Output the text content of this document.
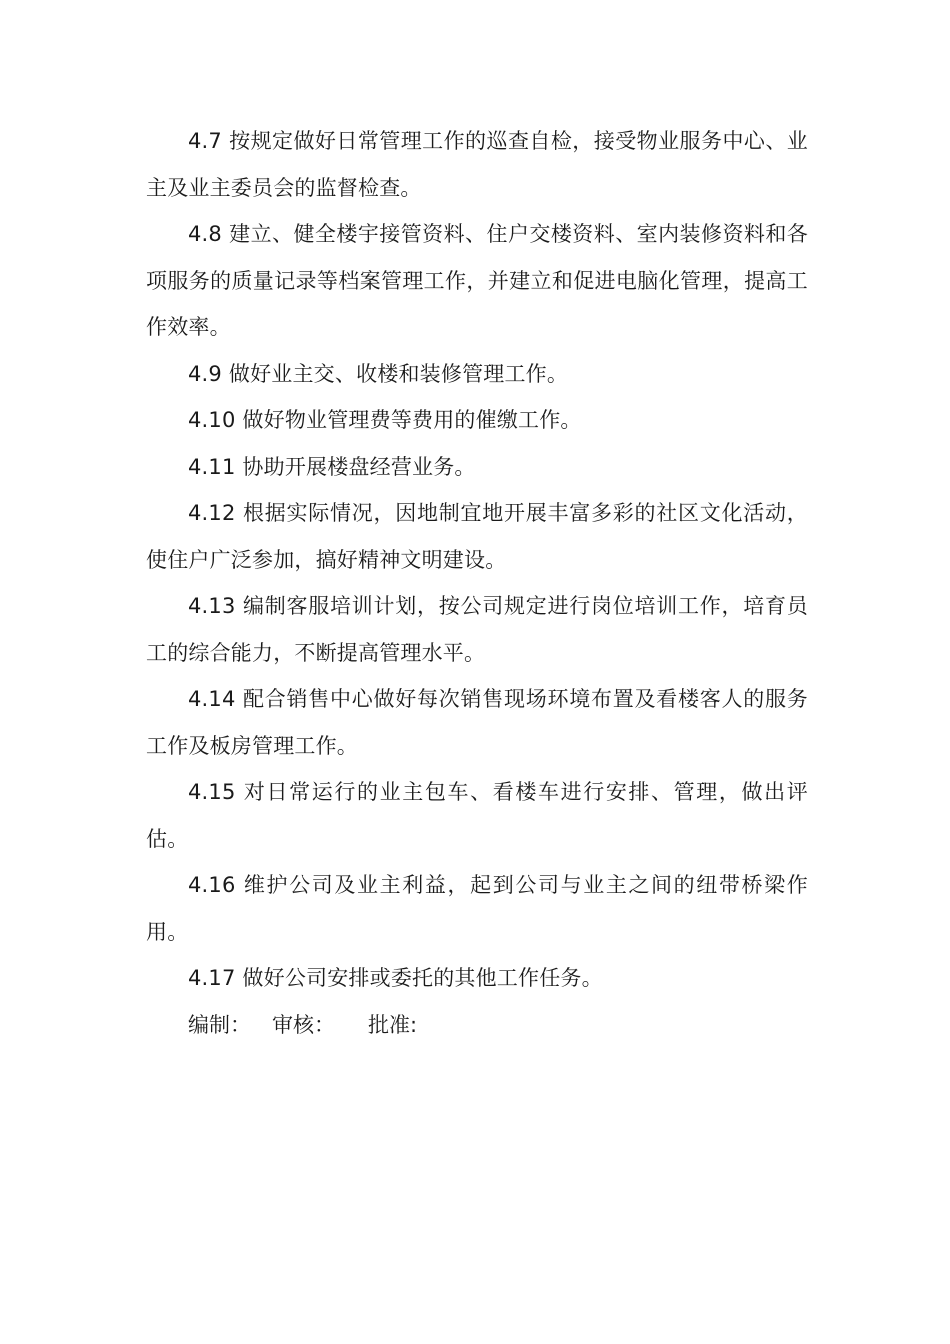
4.7 按规定做好日常管理工作的巡查自检，接受物业服务中心、业主及业主委员会的监督检查。

4.8 建立、健全楼宇接管资料、住户交楼资料、室内装修资料和各项服务的质量记录等档案管理工作，并建立和促进电脑化管理，提高工作效率。

4.9 做好业主交、收楼和装修管理工作。

4.10 做好物业管理费等费用的催缴工作。

4.11 协助开展楼盘经营业务。

4.12 根据实际情况，因地制宜地开展丰富多彩的社区文化活动，使住户广泛参加，搞好精神文明建设。

4.13 编制客服培训计划，按公司规定进行岗位培训工作，培育员工的综合能力，不断提高管理水平。

4.14 配合销售中心做好每次销售现场环境布置及看楼客人的服务工作及板房管理工作。

4.15 对日常运行的业主包车、看楼车进行安排、管理，做出评估。

4.16 维护公司及业主利益，起到公司与业主之间的纽带桥梁作用。

4.17 做好公司安排或委托的其他工作任务。

编制： 审核： 批准:
